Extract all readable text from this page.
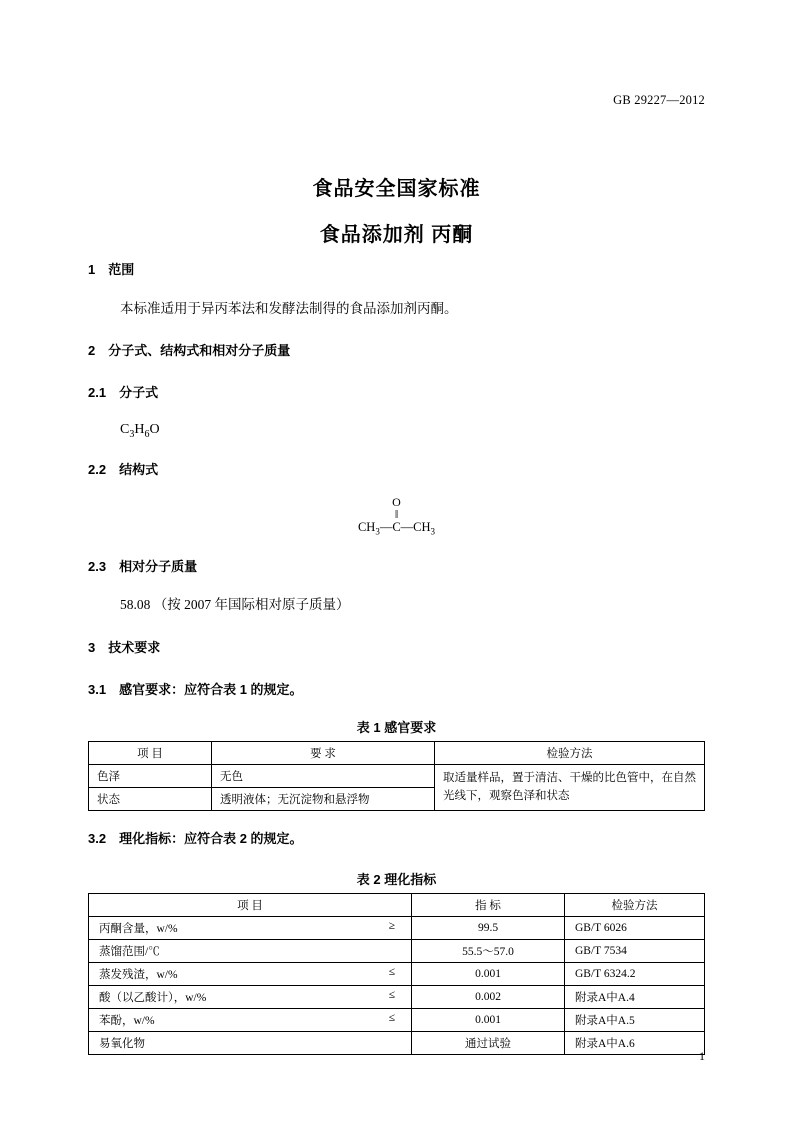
GB 29227—2012
食品安全国家标准
食品添加剂 丙酮
1 范围
本标准适用于异丙苯法和发酵法制得的食品添加剂丙酮。
2 分子式、结构式和相对分子质量
2.1 分子式
$C_3H_6O$
2.2 结构式
O
‖
$CH_3—C—CH_3$
2.3 相对分子质量
58.08 （按 2007 年国际相对原子质量）
3 技术要求
3.1 感官要求：应符合表 1 的规定。
表 1 感官要求
项 目	要 求	检验方法
色泽	无色	取适量样品，置于清洁、干燥的比色管中，在自然光线下，观察色泽和状态
状态	透明液体；无沉淀物和悬浮物	
3.2 理化指标：应符合表 2 的规定。
表 2 理化指标
项 目	指 标	检验方法
丙酮含量，w/% ≥	99.5	GB/T 6026
蒸馏范围/℃	55.5～57.0	GB/T 7534
蒸发残渣，w/% ≤	0.001	GB/T 6324.2
酸（以乙酸计），w/% ≤	0.002	附录A中A.4
苯酚，w/% ≤	0.001	附录A中A.5
易氧化物	通过试验	附录A中A.6
1
